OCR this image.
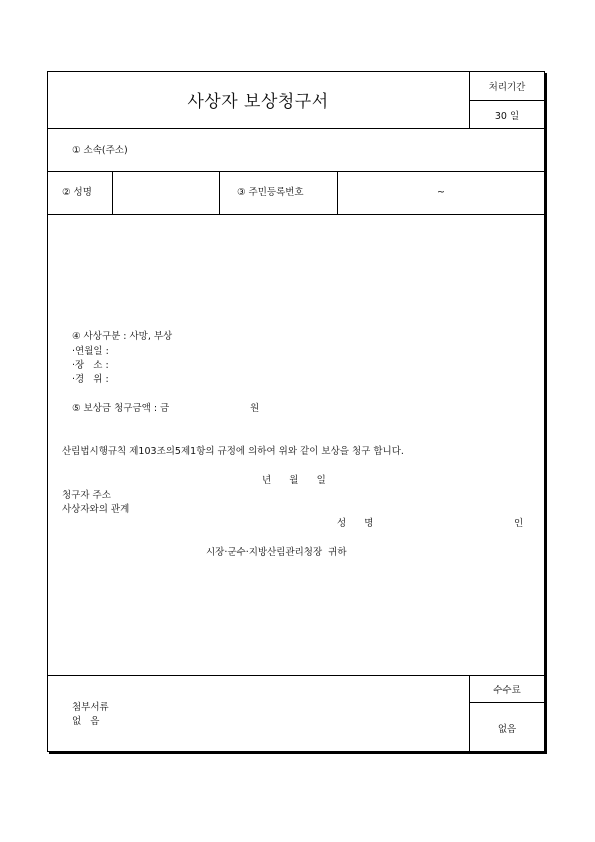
사상자 보상청구서
처리기간
30 일
① 소속(주소)
② 성명	③ 주민등록번호	~
④ 사상구분 : 사망, 부상
·연월일 :
·장   소 :
·경   위 :
⑤ 보상금 청구금액 : 금	원
산림법시행규칙 제103조의5제1항의 규정에 의하여 위와 같이 보상을 청구 합니다.
년      월      일
청구자 주소
사상자와의 관계
성      명	인
시장·군수·지방산림관리청장  귀하
첨부서류
없   음
수수료
없음
